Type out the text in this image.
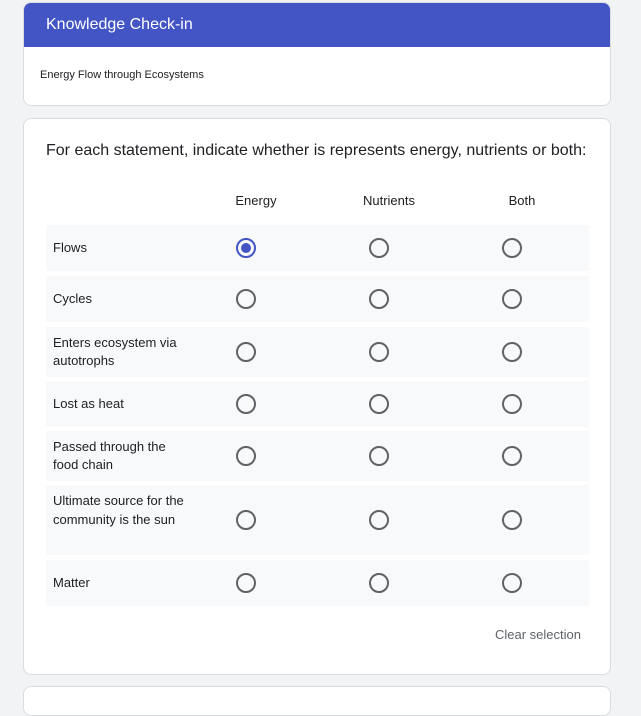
Knowledge Check-in
Energy Flow through Ecosystems
For each statement, indicate whether is represents energy, nutrients or both:
Energy	Nutrients	Both
Flows
Cycles
Enters ecosystem via autotrophs
Lost as heat
Passed through the food chain
Ultimate source for the community is the sun
Matter
Clear selection
